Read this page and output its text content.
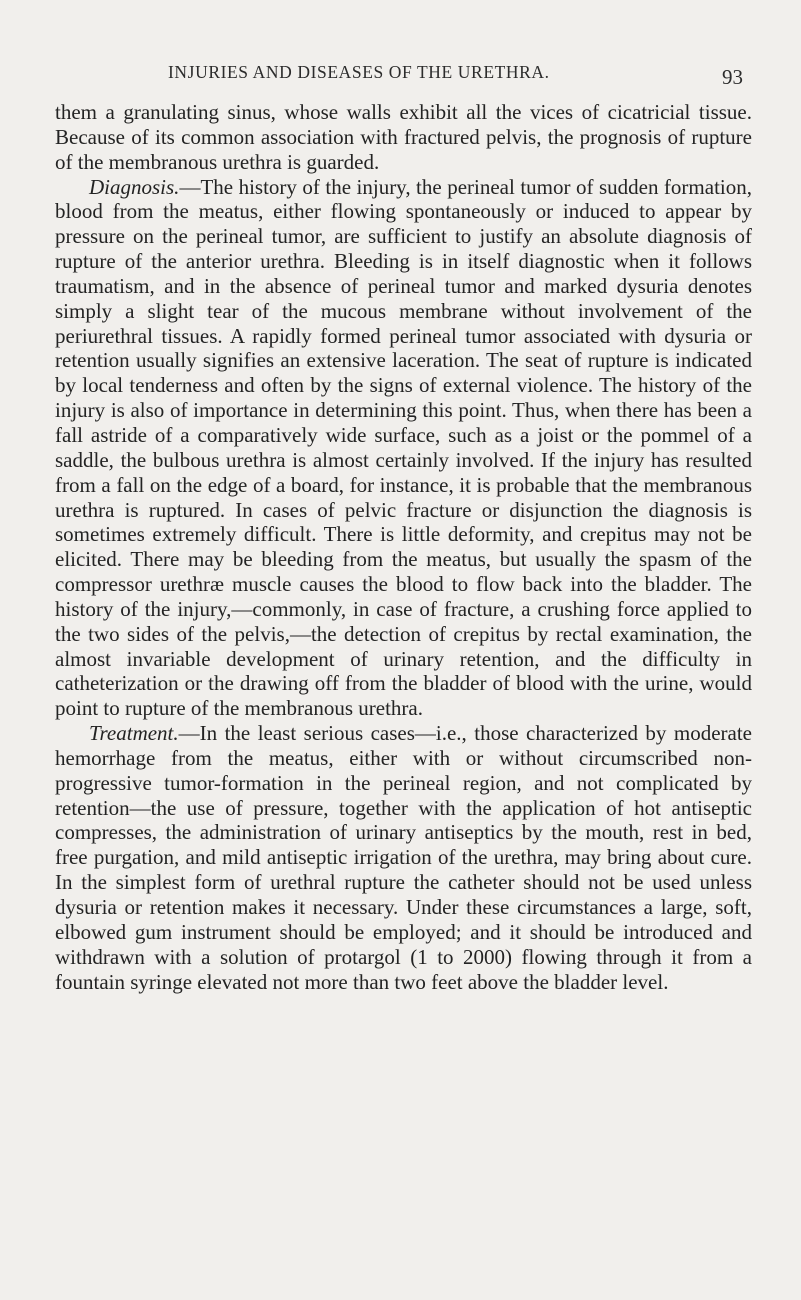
INJURIES AND DISEASES OF THE URETHRA.	93

them a granulating sinus, whose walls exhibit all the vices of cicatricial tissue. Because of its common association with fractured pelvis, the prognosis of rupture of the membranous urethra is guarded.

Diagnosis.—The history of the injury, the perineal tumor of sudden formation, blood from the meatus, either flowing spontaneously or induced to appear by pressure on the perineal tumor, are sufficient to justify an absolute diagnosis of rupture of the anterior urethra. Bleeding is in itself diagnostic when it follows traumatism, and in the absence of perineal tumor and marked dysuria denotes simply a slight tear of the mucous membrane without involvement of the periurethral tissues. A rapidly formed perineal tumor associated with dysuria or retention usually signifies an extensive laceration. The seat of rupture is indicated by local tenderness and often by the signs of external violence. The history of the injury is also of importance in determining this point. Thus, when there has been a fall astride of a comparatively wide surface, such as a joist or the pommel of a saddle, the bulbous urethra is almost certainly involved. If the injury has resulted from a fall on the edge of a board, for instance, it is probable that the membranous urethra is ruptured. In cases of pelvic fracture or disjunction the diagnosis is sometimes extremely difficult. There is little deformity, and crepitus may not be elicited. There may be bleeding from the meatus, but usually the spasm of the compressor urethræ muscle causes the blood to flow back into the bladder. The history of the injury,—commonly, in case of fracture, a crushing force applied to the two sides of the pelvis,—the detection of crepitus by rectal examination, the almost invariable development of urinary retention, and the difficulty in catheterization or the drawing off from the bladder of blood with the urine, would point to rupture of the membranous urethra.

Treatment.—In the least serious cases—i.e., those characterized by moderate hemorrhage from the meatus, either with or without circumscribed non-progressive tumor-formation in the perineal region, and not complicated by retention—the use of pressure, together with the application of hot antiseptic compresses, the administration of urinary antiseptics by the mouth, rest in bed, free purgation, and mild antiseptic irrigation of the urethra, may bring about cure. In the simplest form of urethral rupture the catheter should not be used unless dysuria or retention makes it necessary. Under these circumstances a large, soft, elbowed gum instrument should be employed; and it should be introduced and withdrawn with a solution of protargol (1 to 2000) flowing through it from a fountain syringe elevated not more than two feet above the bladder level.
